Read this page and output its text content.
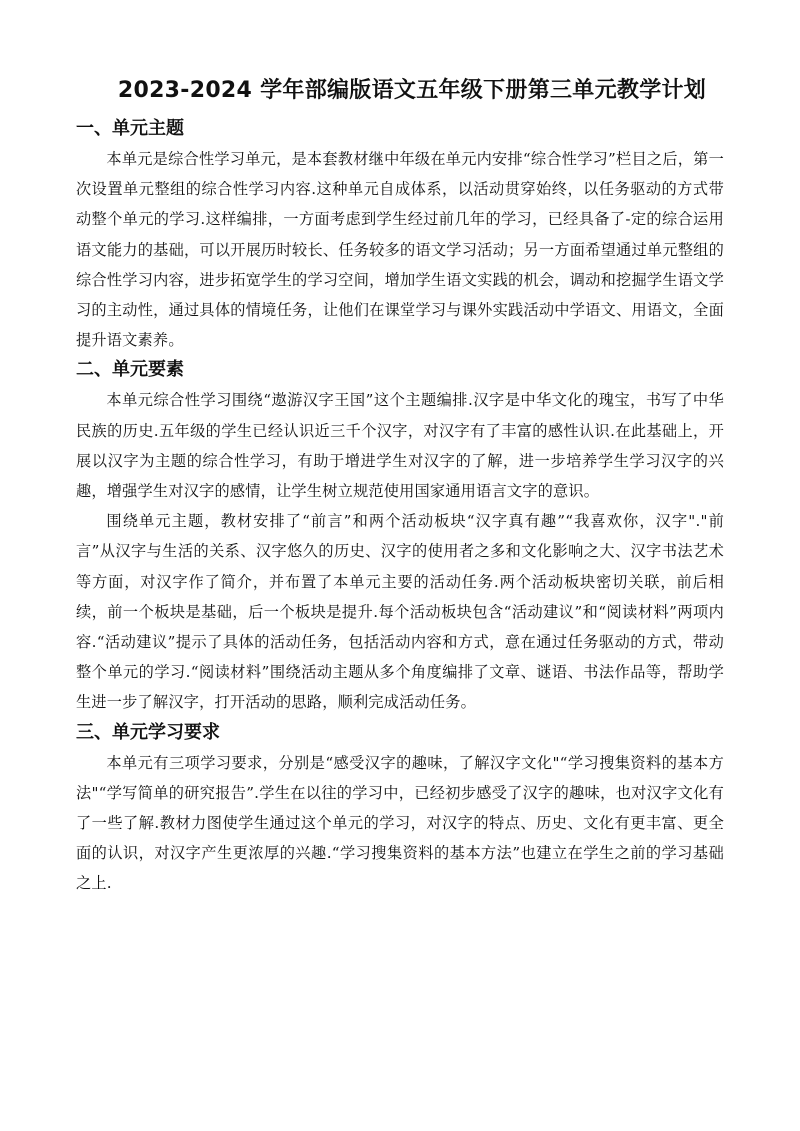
2023-2024 学年部编版语文五年级下册第三单元教学计划
一、单元主题

本单元是综合性学习单元，是本套教材继中年级在单元内安排“综合性学习”栏目之后，第一次设置单元整组的综合性学习内容.这种单元自成体系，以活动贯穿始终，以任务驱动的方式带动整个单元的学习.这样编排，一方面考虑到学生经过前几年的学习，已经具备了-定的综合运用语文能力的基础，可以开展历时较长、任务较多的语文学习活动；另一方面希望通过单元整组的综合性学习内容，进步拓宽学生的学习空间，增加学生语文实践的机会，调动和挖掘学生语文学习的主动性，通过具体的情境任务，让他们在课堂学习与课外实践活动中学语文、用语文，全面提升语文素养。

二、单元要素

本单元综合性学习围绕“遨游汉字王国”这个主题编排.汉字是中华文化的瑰宝，书写了中华民族的历史.五年级的学生已经认识近三千个汉字，对汉字有了丰富的感性认识.在此基础上，开展以汉字为主题的综合性学习，有助于增进学生对汉字的了解，进一步培养学生学习汉字的兴趣，增强学生对汉字的感情，让学生树立规范使用国家通用语言文字的意识。

围绕单元主题，教材安排了“前言”和两个活动板块“汉字真有趣”“我喜欢你，汉字"."前言”从汉字与生活的关系、汉字悠久的历史、汉字的使用者之多和文化影响之大、汉字书法艺术等方面，对汉字作了简介，并布置了本单元主要的活动任务.两个活动板块密切关联，前后相续，前一个板块是基础，后一个板块是提升.每个活动板块包含“活动建议”和“阅读材料”两项内容.“活动建议”提示了具体的活动任务，包括活动内容和方式，意在通过任务驱动的方式，带动整个单元的学习.“阅读材料”围绕活动主题从多个角度编排了文章、谜语、书法作品等，帮助学生进一步了解汉字，打开活动的思路，顺利完成活动任务。

三、单元学习要求

本单元有三项学习要求，分别是“感受汉字的趣味，了解汉字文化"“学习搜集资料的基本方法"“学写简单的研究报告”.学生在以往的学习中，已经初步感受了汉字的趣味，也对汉字文化有了一些了解.教材力图使学生通过这个单元的学习，对汉字的特点、历史、文化有更丰富、更全面的认识，对汉字产生更浓厚的兴趣.“学习搜集资料的基本方法”也建立在学生之前的学习基础之上.
